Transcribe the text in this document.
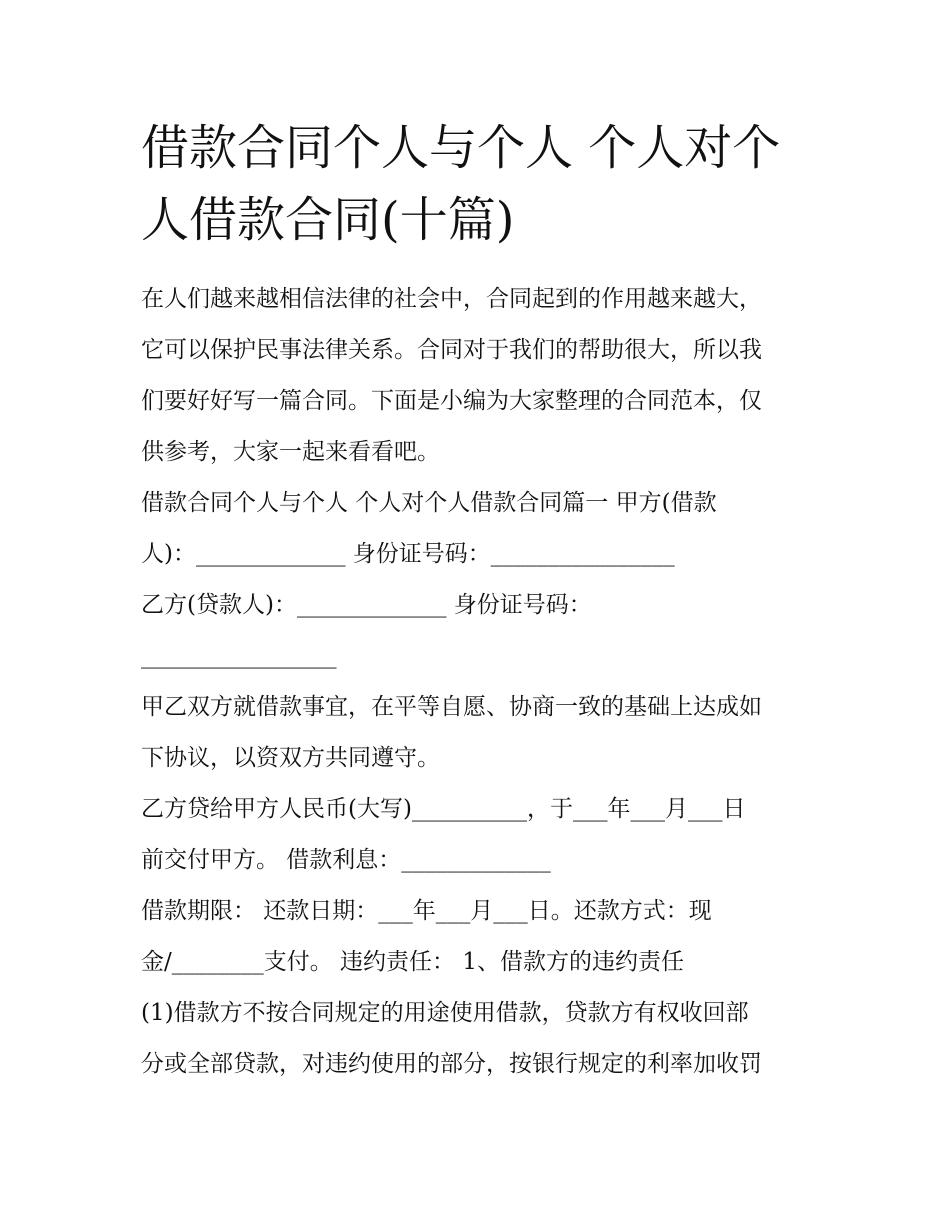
借款合同个人与个人 个人对个
人借款合同(十篇)

在人们越来越相信法律的社会中，合同起到的作用越来越大，
它可以保护民事法律关系。合同对于我们的帮助很大，所以我
们要好好写一篇合同。下面是小编为大家整理的合同范本，仅
供参考，大家一起来看看吧。

借款合同个人与个人 个人对个人借款合同篇一 甲方(借款
人)：_____________ 身份证号码：________________
乙方(贷款人)：_____________ 身份证号码：
_________________

甲乙双方就借款事宜，在平等自愿、协商一致的基础上达成如
下协议，以资双方共同遵守。
乙方贷给甲方人民币(大写)__________，于___年___月___日
前交付甲方。 借款利息：_____________
借款期限： 还款日期：___年___月___日。还款方式：现
金/________支付。 违约责任： 1、借款方的违约责任
(1)借款方不按合同规定的用途使用借款，贷款方有权收回部
分或全部贷款，对违约使用的部分，按银行规定的利率加收罚
